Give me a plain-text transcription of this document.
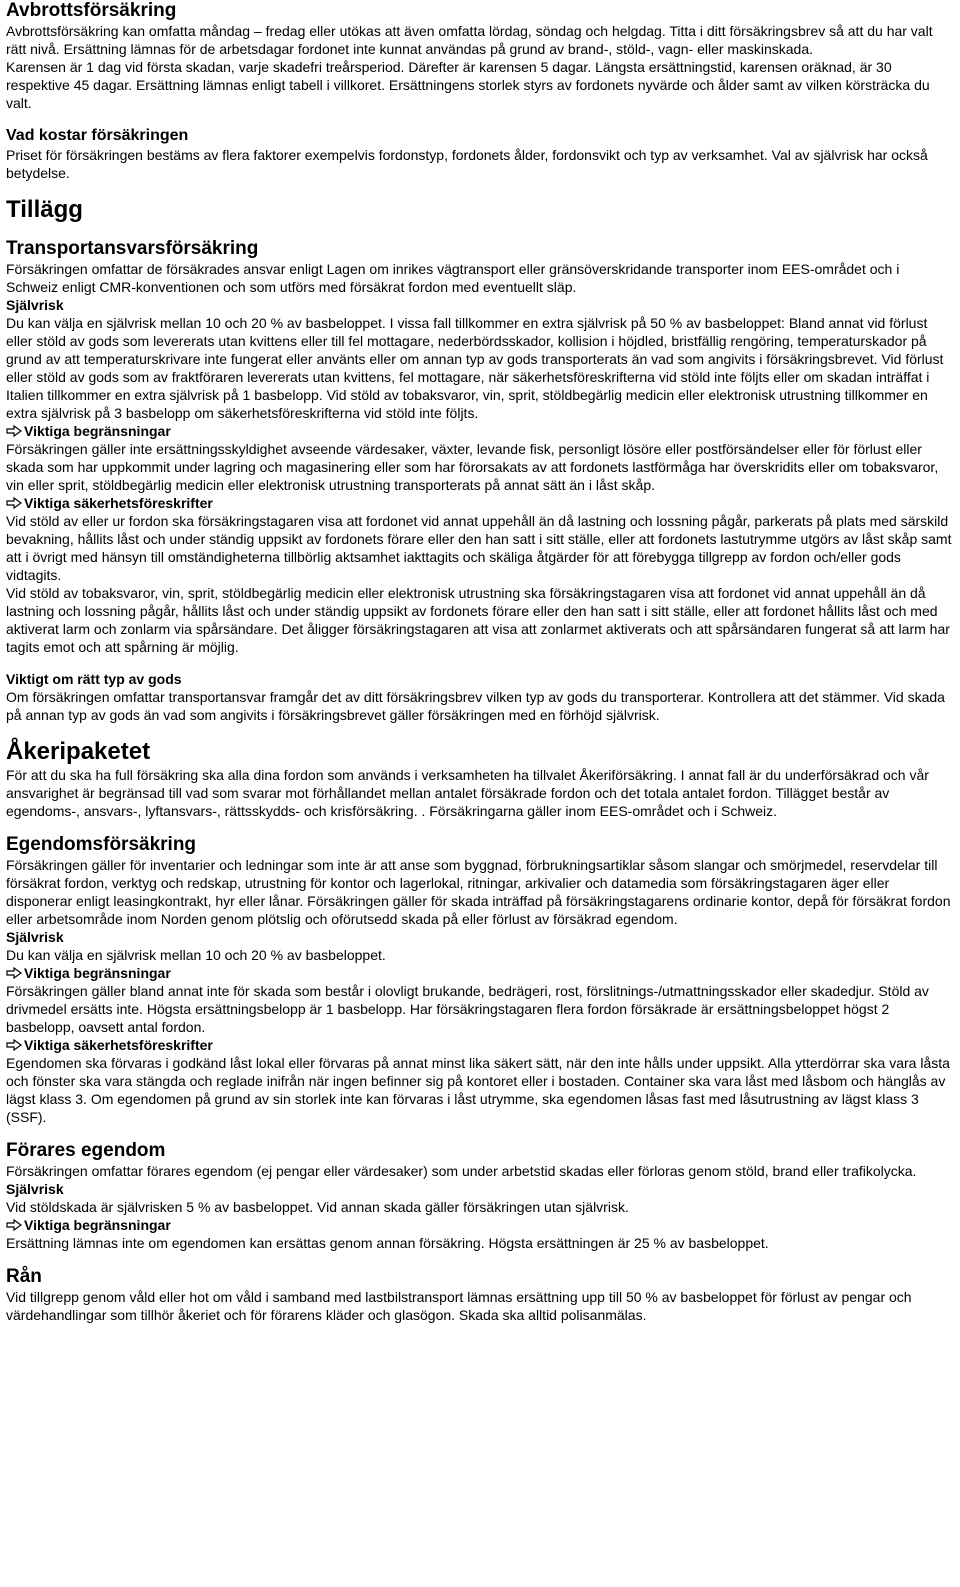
Avbrottsförsäkring

Avbrottsförsäkring kan omfatta måndag – fredag eller utökas att även omfatta lördag, söndag och helgdag. Titta i ditt försäkringsbrev så att du har valt rätt nivå. Ersättning lämnas för de arbetsdagar fordonet inte kunnat användas på grund av brand-, stöld-, vagn- eller maskinskada.

Karensen är 1 dag vid första skadan, varje skadefri treårsperiod. Därefter är karensen 5 dagar. Längsta ersättningstid, karensen oräknad, är 30 respektive 45 dagar. Ersättning lämnas enligt tabell i villkoret. Ersättningens storlek styrs av fordonets nyvärde och ålder samt av vilken körsträcka du valt.

Vad kostar försäkringen

Priset för försäkringen bestäms av flera faktorer exempelvis fordonstyp, fordonets ålder, fordonsvikt och typ av verksamhet. Val av självrisk har också betydelse.

Tillägg
Transportansvarsförsäkring

Försäkringen omfattar de försäkrades ansvar enligt Lagen om inrikes vägtransport eller gränsöverskridande transporter inom EES-området och i Schweiz enligt CMR-konventionen och som utförs med försäkrat fordon med eventuellt släp.

Självrisk

Du kan välja en självrisk mellan 10 och 20 % av basbeloppet. I vissa fall tillkommer en extra självrisk på 50 % av basbeloppet: Bland annat vid förlust eller stöld av gods som levererats utan kvittens eller till fel mottagare, nederbördsskador, kollision i höjdled, bristfällig rengöring, temperaturskador på grund av att temperaturskrivare inte fungerat eller använts eller om annan typ av gods transporterats än vad som angivits i försäkringsbrevet. Vid förlust eller stöld av gods som av fraktföraren levererats utan kvittens, fel mottagare, när säkerhetsföreskrifterna vid stöld inte följts eller om skadan inträffat i Italien tillkommer en extra självrisk på 1 basbelopp. Vid stöld av tobaksvaror, vin, sprit, stöldbegärlig medicin eller elektronisk utrustning tillkommer en extra självrisk på 3 basbelopp om säkerhetsföreskrifterna vid stöld inte följts.

Viktiga begränsningar

Försäkringen gäller inte ersättningsskyldighet avseende värdesaker, växter, levande fisk, personligt lösöre eller postförsändelser eller för förlust eller skada som har uppkommit under lagring och magasinering eller som har förorsakats av att fordonets lastförmåga har överskridits eller om tobaksvaror, vin eller sprit, stöldbegärlig medicin eller elektronisk utrustning transporterats på annat sätt än i låst skåp.

Viktiga säkerhetsföreskrifter

Vid stöld av eller ur fordon ska försäkringstagaren visa att fordonet vid annat uppehåll än då lastning och lossning pågår, parkerats på plats med särskild bevakning, hållits låst och under ständig uppsikt av fordonets förare eller den han satt i sitt ställe, eller att fordonets lastutrymme utgörs av låst skåp samt att i övrigt med hänsyn till omständigheterna tillbörlig aktsamhet iakttagits och skäliga åtgärder för att förebygga tillgrepp av fordon och/eller gods vidtagits.

Vid stöld av tobaksvaror, vin, sprit, stöldbegärlig medicin eller elektronisk utrustning ska försäkringstagaren visa att fordonet vid annat uppehåll än då lastning och lossning pågår, hållits låst och under ständig uppsikt av fordonets förare eller den han satt i sitt ställe, eller att fordonet hållits låst och med aktiverat larm och zonlarm via spårsändare. Det åligger försäkringstagaren att visa att zonlarmet aktiverats och att spårsändaren fungerat så att larm har tagits emot och att spårning är möjlig.

Viktigt om rätt typ av gods

Om försäkringen omfattar transportansvar framgår det av ditt försäkringsbrev vilken typ av gods du transporterar. Kontrollera att det stämmer. Vid skada på annan typ av gods än vad som angivits i försäkringsbrevet gäller försäkringen med en förhöjd självrisk.

Åkeripaketet

För att du ska ha full försäkring ska alla dina fordon som används i verksamheten ha tillvalet Åkeriförsäkring. I annat fall är du underförsäkrad och vår ansvarighet är begränsad till vad som svarar mot förhållandet mellan antalet försäkrade fordon och det totala antalet fordon. Tillägget består av egendoms-, ansvars-, lyftansvars-, rättsskydds- och krisförsäkring. . Försäkringarna gäller inom EES-området och i Schweiz.

Egendomsförsäkring

Försäkringen gäller för inventarier och ledningar som inte är att anse som byggnad, förbrukningsartiklar såsom slangar och smörjmedel, reservdelar till försäkrat fordon, verktyg och redskap, utrustning för kontor och lagerlokal, ritningar, arkivalier och datamedia som försäkringstagaren äger eller disponerar enligt leasingkontrakt, hyr eller lånar. Försäkringen gäller för skada inträffad på försäkringstagarens ordinarie kontor, depå för försäkrat fordon eller arbetsområde inom Norden genom plötslig och oförutsedd skada på eller förlust av försäkrad egendom.

Självrisk

Du kan välja en självrisk mellan 10 och 20 % av basbeloppet.

Viktiga begränsningar

Försäkringen gäller bland annat inte för skada som består i olovligt brukande, bedrägeri, rost, förslitnings-/utmattningsskador eller skadedjur. Stöld av drivmedel ersätts inte. Högsta ersättningsbelopp är 1 basbelopp. Har försäkringstagaren flera fordon försäkrade är ersättningsbeloppet högst 2 basbelopp, oavsett antal fordon.

Viktiga säkerhetsföreskrifter

Egendomen ska förvaras i godkänd låst lokal eller förvaras på annat minst lika säkert sätt, när den inte hålls under uppsikt. Alla ytterdörrar ska vara låsta och fönster ska vara stängda och reglade inifrån när ingen befinner sig på kontoret eller i bostaden. Container ska vara låst med låsbom och hänglås av lägst klass 3. Om egendomen på grund av sin storlek inte kan förvaras i låst utrymme, ska egendomen låsas fast med låsutrustning av lägst klass 3 (SSF).

Förares egendom

Försäkringen omfattar förares egendom (ej pengar eller värdesaker) som under arbetstid skadas eller förloras genom stöld, brand eller trafikolycka.

Självrisk

Vid stöldskada är självrisken 5 % av basbeloppet. Vid annan skada gäller försäkringen utan självrisk.

Viktiga begränsningar

Ersättning lämnas inte om egendomen kan ersättas genom annan försäkring. Högsta ersättningen är 25 % av basbeloppet.

Rån

Vid tillgrepp genom våld eller hot om våld i samband med lastbilstransport lämnas ersättning upp till 50 % av basbeloppet för förlust av pengar och värdehandlingar som tillhör åkeriet och för förarens kläder och glasögon. Skada ska alltid polisanmälas.
